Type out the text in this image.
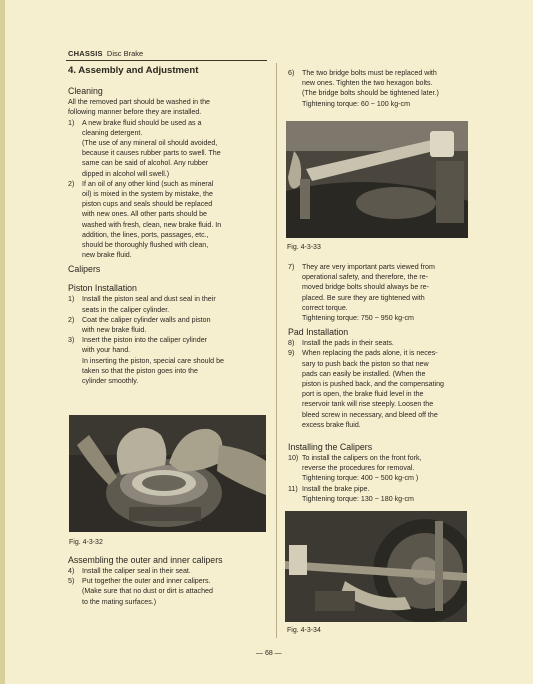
CHASSIS Disc Brake
4. Assembly and Adjustment
Cleaning
All the removed part should be washed in the
following manner before they are installed.
1)	A new brake fluid should be used as a
cleaning detergent.
(The use of any mineral oil should avoided,
because it causes rubber parts to swell. The
same can be said of alcohol. Any rubber
dipped in alcohol will swell.)
2)	If an oil of any other kind (such as mineral
oil) is mixed in the system by mistake, the
piston cups and seals should be replaced
with new ones. All other parts should be
washed with fresh, clean, new brake fluid. In
addition, the lines, ports, passages, etc.,
should be thoroughly flushed with clean,
new brake fluid.
Calipers
Piston Installation
1)	Install the piston seal and dust seal in their
seats in the caliper cylinder.
2)	Coat the caliper cylinder walls and piston
with new brake fluid.
3)	Insert the piston into the caliper cylinder
with your hand.
In inserting the piston, special care should be
taken so that the piston goes into the
cylinder smoothly.
Fig. 4-3-32
Assembling the outer and inner calipers
4)	Install the caliper seal in their seat.
5)	Put together the outer and inner calipers.
(Make sure that no dust or dirt is attached
to the mating surfaces.)
6)	The two bridge bolts must be replaced with
new ones. Tighten the two hexagon bolts.
(The bridge bolts should be tightened later.)
Tightening torque: 60 ~ 100 kg-cm
Fig. 4-3-33
7)	They are very important parts viewed from
operational safety, and therefore, the re-
moved bridge bolts should always be re-
placed. Be sure they are tightened with
correct torque.
Tightening torque: 750 ~ 950 kg-cm
Pad Installation
8)	Install the pads in their seats.
9)	When replacing the pads alone, it is neces-
sary to push back the piston so that new
pads can easily be installed. (When the
piston is pushed back, and the compensating
port is open, the brake fluid level in the
reservoir tank will rise steeply. Loosen the
bleed screw in necessary, and bleed off the
excess brake fluid.
Installing the Calipers
10) To install the calipers on the front fork,
reverse the procedures for removal.
Tightening torque: 400 ~ 500 kg-cm )
11) Install the brake pipe.
Tightening torque: 130 ~ 180 kg-cm
Fig. 4-3-34
— 68 —
